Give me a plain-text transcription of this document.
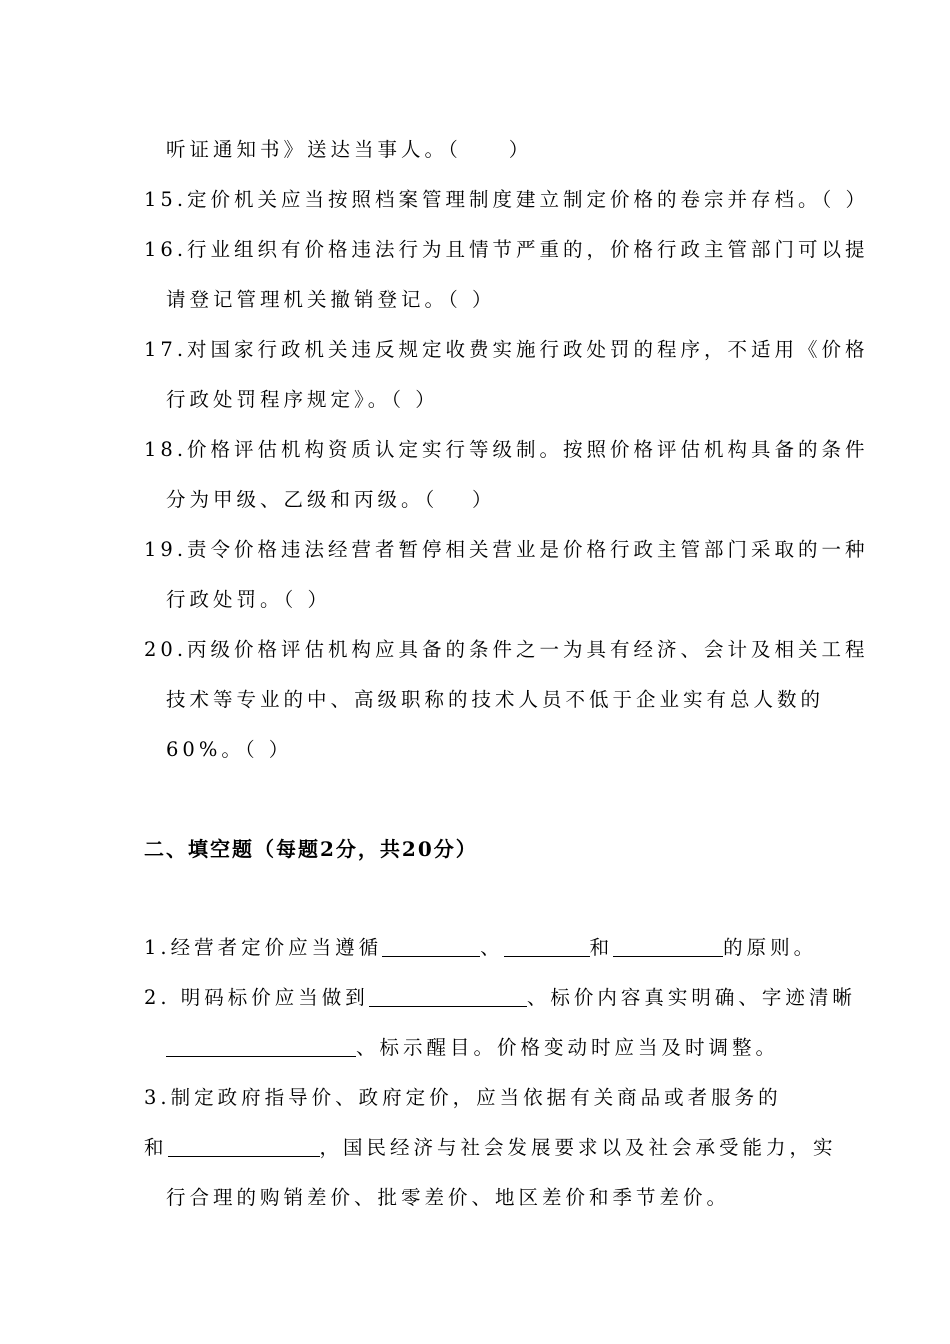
听证通知书》送达当事人。（　　）
15.定价机关应当按照档案管理制度建立制定价格的卷宗并存档。（ ）
16.行业组织有价格违法行为且情节严重的，价格行政主管部门可以提
请登记管理机关撤销登记。（ ）
17.对国家行政机关违反规定收费实施行政处罚的程序，不适用《价格
行政处罚程序规定》。（ ）
18.价格评估机构资质认定实行等级制。按照价格评估机构具备的条件
分为甲级、乙级和丙级。（　 ）
19.责令价格违法经营者暂停相关营业是价格行政主管部门采取的一种
行政处罚。（ ）
20.丙级价格评估机构应具备的条件之一为具有经济、会计及相关工程
技术等专业的中、高级职称的技术人员不低于企业实有总人数的
60%。（ ）
二、填空题（每题2分，共20分）
1.经营者定价应当遵循	、	和	的原则。
2. 明码标价应当做到	、标价内容真实明确、字迹清晰
、标示醒目。价格变动时应当及时调整。
3.制定政府指导价、政府定价，应当依据有关商品或者服务的
和	，国民经济与社会发展要求以及社会承受能力，实
行合理的购销差价、批零差价、地区差价和季节差价。
